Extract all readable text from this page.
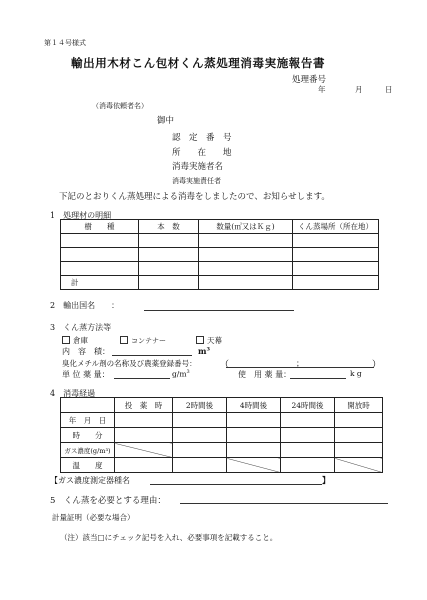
第１４号様式
輸出用木材こん包材くん蒸処理消毒実施報告書
処理番号
年	月	日
（消毒依頼者名）
御中
認　定　番　号
所　　在　　地
消毒実施者名
消毒実施責任者
下記のとおりくん蒸処理による消毒をしましたので、お知らせします。
1　処理材の明細
樹　　種	本　数	数量(㎥又はＫｇ)	くん蒸場所（所在地）

計			
2　輸出国名　　：
3　くん蒸方法等
倉庫	コンテナー	天幕
内　容　積：	$m^3$
臭化メチル剤の名称及び農薬登録番号：	（	；	）
単 位 薬 量：	$g/m^3$	使　用 薬 量：	k g
4　消毒経過
	投　薬　時	2時間後	4時間後	24時間後	開放時
年　月　日					
時　　分					
ガス濃度(g/m³)					
温　　度					
【ガス濃度測定器種名	】
5　くん蒸を必要とする理由：
計量証明（必要な場合）
（注）該当□にチェック記号を入れ、必要事項を記載すること。
